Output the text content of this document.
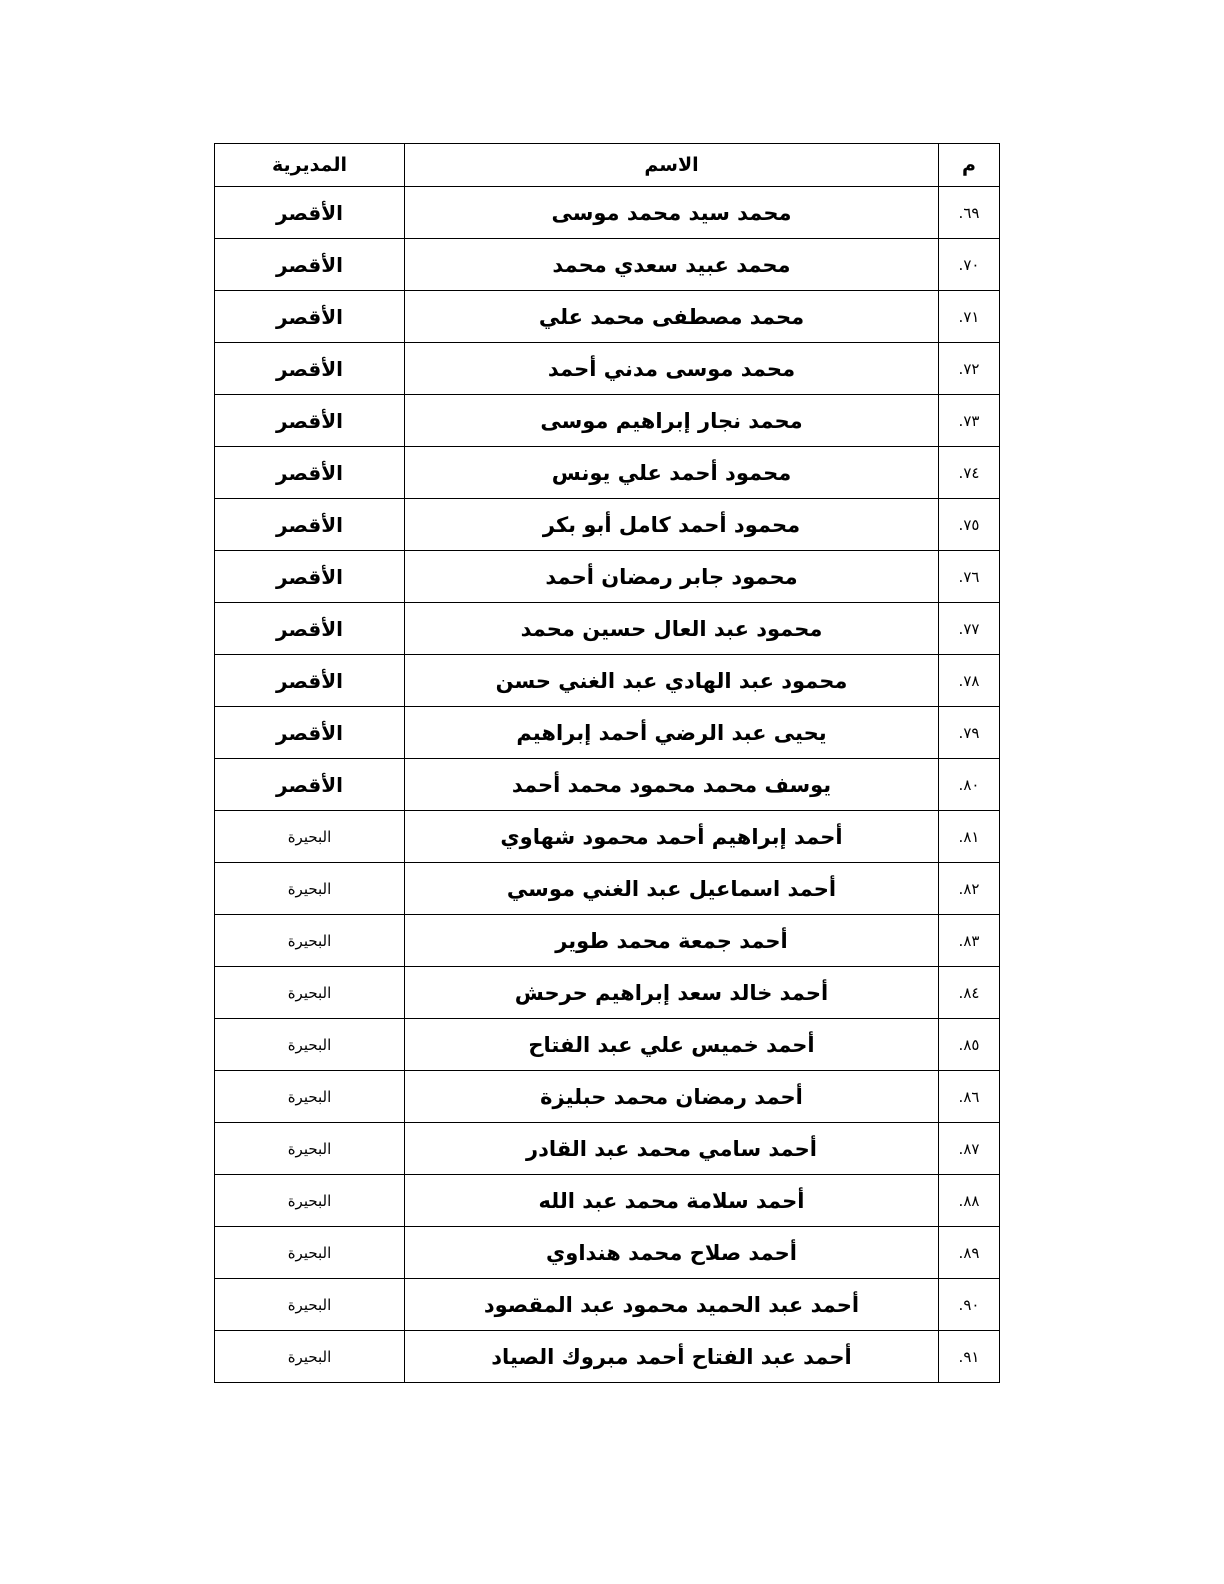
المديرية	الاسم	م
الأقصر	محمد سيد محمد موسى	.٦٩
الأقصر	محمد عبيد سعدي محمد	.٧٠
الأقصر	محمد مصطفى محمد علي	.٧١
الأقصر	محمد موسى مدني أحمد	.٧٢
الأقصر	محمد نجار إبراهيم موسى	.٧٣
الأقصر	محمود أحمد علي يونس	.٧٤
الأقصر	محمود أحمد كامل أبو بكر	.٧٥
الأقصر	محمود جابر رمضان أحمد	.٧٦
الأقصر	محمود عبد العال حسين محمد	.٧٧
الأقصر	محمود عبد الهادي عبد الغني حسن	.٧٨
الأقصر	يحيى عبد الرضي أحمد إبراهيم	.٧٩
الأقصر	يوسف محمد محمود محمد أحمد	.٨٠
البحيرة	أحمد إبراهيم أحمد محمود شهاوي	.٨١
البحيرة	أحمد اسماعيل عبد الغني موسي	.٨٢
البحيرة	أحمد جمعة محمد طوير	.٨٣
البحيرة	أحمد خالد سعد إبراهيم حرحش	.٨٤
البحيرة	أحمد خميس علي عبد الفتاح	.٨٥
البحيرة	أحمد رمضان محمد حبليزة	.٨٦
البحيرة	أحمد سامي محمد عبد القادر	.٨٧
البحيرة	أحمد سلامة محمد عبد الله	.٨٨
البحيرة	أحمد صلاح محمد هنداوي	.٨٩
البحيرة	أحمد عبد الحميد محمود عبد المقصود	.٩٠
البحيرة	أحمد عبد الفتاح أحمد مبروك الصياد	.٩١
